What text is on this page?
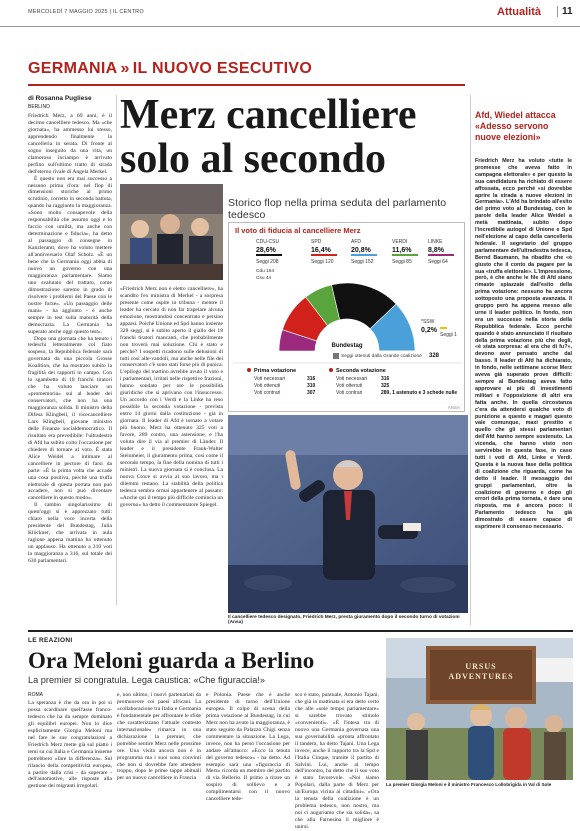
MERCOLEDÌ 7 MAGGIO 2025 | IL CENTRO	Attualità	11
GERMANIA » IL NUOVO ESECUTIVO
di Rosanna Pugliese
BERLINO

Friedrich Merz, a 69 anni, è il decimo cancelliere tedesco. Ma «che giornata», ha ammesso lui stesso, apprendendo finalmente la cancelleria in serata. Di fronte al sogno inseguito da una vita, un clamoroso inciampo è arrivato perfino sull'ultimo tratto di strada dell'eterno rivale di Angela Merkel.

È questo non era mai successo a nessuno prima d'ora: nel flop di dimensioni storiche al primo scrutinio, corretto in seconda battuta, quando ha raggiunto la maggioranza. «Sono molto consapevole della responsabilità che assumo oggi e lo faccio con umiltà, ma anche con determinazione e fiducia», ha detto al passaggio di consegne in Kanzleramt, dove ha voluto mettere all'anniversario Olaf Scholz. «È un bene che la Germania oggi abbia di nuovo un governo con una maggioranza parlamentare. Siamo uno svalutato del trattato, come dimostrazione saremo in grado di risolvere i problemi del Paese con le nostre forze». «Un passaggio delle mani» - ha aggiunto - è anche sempre in test sulla maturità della democrazia. La Germania ha superato anche oggi questo test».

Dopo una giornata che ha tenuto i tedeschi letteralmente col fiato sospeso, la Repubblica federale sarà governata da una piccola Grosse Koalition, che ha mostrato subito la fragilità dei rapporti in campo. Con lo sgambetto di 18 franchi tiratori che ha voluto lanciare un «promemoria» sui al leader dei conservatori, che non ha una maggioranza solida. Il ministro della Difesa Klingbeil, il vicecancelliere Lars Klingbeil, giovane ministro delle Finanze socialdemocratico. Il risultato era prevedibile: l'ultradestra di Afd ha subito colto l'occasione per chiedere di tornare al voto. È stata Alice Weidel a intimare al cancelliere in pectore di farsi da parte: «È la prima volta che accade una cosa positiva, perché una truffa elettorale di questa portata non può accadere, non si può diventare cancelliere in questo modo».

Il cambio singolarissimo di quest'oggi si è apprezzato tutti: chiaro nella voce incerta della presidente del Bundestag, Julia Klöckner, che arrivata in aula ragione appena mattina ha ottenuto un applauso. Ha ottenuto a 310 voti la maggioranza a 316, sul totale dei 630 parlamentari.

Merz cancelliere
solo al secondo
Storico flop nella prima seduta del parlamento tedesco
Il voto di fiducia al cancelliere Merz
CDU-CSU
28,6%
Seggi 208
SPD
16,4%
Seggi 120
AFD
20,8%
Seggi 152
VERDI
11,6%
Seggi 85
LINKE
8,8%
Seggi 64
Cdu 164
Csu 44
*SSW
0,2%
Seggi 1
Bundestag
Seggi ottenuti dalla Grande coalizione 328
Prima votazione
Voti necessari	316
Voti ottenuti	310
Voti contrari	307
Seconda votazione
Voti necessari	316
Voti ottenuti	325
Voti contrari	289, 1 astenuto e 3 schede nulle
ANSA

«Friedrich Merz non è eletto cancelliere», ha scandito l'ex ministra di Merkel - a sorpresa presente come ospite in tribuna - mentre il leader ha cercato di non far trapelare alcuna emozione, mostrandosi concentrato e persino apparsi. Poiché Unione ed Spd hanno insieme 328 seggi, si è subito aperto il giallo dei 18 franchi tiratori mancanti, che probabilmente non troverà mai soluzione. Chi è stato e perché? I sospetti ricadono sulle delusioni di tutti così alle-vandoli, ma anche nelle file dei conservatori c'è sono stati forse più di punica. L'epilogo del mattino avrebbe avuto il voto e i parlamentari, irritati nelle rispettive frazioni, hanno sondato per ore le possibilità giuridiche che si aprivano con l'insuccesso. Un accordo con i Verdi e la Linke ha reso possibile la seconda votazione - prevista entro 14 giorni dalla costituzione - già in giornata. Il leader di Afd è tornato a votare più buono. Merz ha ottenuto 325 voti a favore, 289 contro, una astensione, e l'ha voluta dire il via al premier di Länder. Il leader e il presidente Frank-Walter Steinmeier, il giuramento prima, così come il secondo tempo, la fine della nomina di tutti i ministri. La nuova giornata si è conclusa. La nuova Croce si avvia al suo lavoro, ma i dilemmi restano. La stabilità della politica tedesca sembra ormai appartenere al passato: «Anche qui il tempo più difficile comincia un governo» ha detto il commentatore Spiegel.

Il cancelliere tedesco designato, Friedrich Merz, presta giuramento dopo il secondo turno di votazioni (Ansa)
Afd, Wiedel attacca «Adesso servono nuove elezioni»
Friedrich Merz ha voluto «tutte le promesse che aveva fatto in campagna elettorale» e per questo la sua candidatura ha richiato di essere affossata, ecco perché «si dovrebbe aprire la strada a nuove elezioni in Germania». L'Afd ha brindato all'esito del primo voto al Bundestag, con le parole della leader Alice Weidel a metà mattinata, subito dopo l'incredibile autogol di Unione e Spd nell'elezione al capo della cancelleria federale. Il segretario del gruppo parlamentare dell'ultradestra tedesca, Bernd Baumann, ha ribadito che «è giusto che il conto da pagare per la sua «truffa elettorale». L'impressione, però, è che anche le file di Afd siano rimaste spiazzate dall'esito della prima votazione: nessuno ha ancora sottoposto una proposta avanzata. Il gruppo però ha appena messo alle urne il leader politico. In fondo, non era un successo nella storia della Repubblica federale. Ecco perché quando è stato annunciato il risultato della prima votazione più che degli, «è stata sorpresa: al era che di fu?», devono aver pensato anche dal basso. Il leader di Afd ha dichiarato, in fondo, nelle settimane scorse Merz aveva già superato prove difficili: sempre al Bundestag aveva fatto approvare ai più di investimenti militari e l'opposizione di altri era fatta anche. In quella circostanza c'era da attendersi qualche voto di punizione a questo e magari questo vale comunque, maxi prestito e quello che gli stessi parlamentari dell'Afd hanno sempre sostenuto. La vicenda, che hanno visto non servirebbe in questa fase, in caso tutti i voti di Afd, Linke e Verdi. Questa è la nuova fase della politica di coalizione che riguarda, come ha detto il leader. Il messaggio dei gruppi parlamentari, oltre la coalizione di governo e dopo gli errori della prima tornata, è dare una risposta, ma è ancora poco: il Parlamento tedesco ha già dimostrato di essere capace di esprimere il consenso necessario.
LE REAZIONI
Ora Meloni guarda a Berlino
La premier si congratula. Lega caustica: «Che figuraccia!»
ROMA

La speranza è che da ora in poi si possa scardinare quell'asse franco-tedesco che ha da sempre dominato gli equilibri europei. Non lo dice esplicitamente Giorgia Meloni ma nel fare le sue congratulazioni a Friedrich Merz mette già sul piatto i temi su cui Italia e Germania insieme potrebbero «fare la differenza». Sul rilancio della competitività europea, a partire dalla crisi - da superare - dell'automotive, alle risposte alla gestione dei migranti irregolari.

e, non ultimo, i nuovi partenariati da promuovere coi paesi africani. La «collaborazione tra Italia e Germania è fondamentale per affrontare le sfide che caratterizzano l'attuale contesto internazionale» rimarca in una dichiarazione la premier, che potrebbe sentire Merz nelle prossime ore. Una visita ancora non è in programma ma i suoi sono convinti che non si dovrebbe fare attendere troppo, dopo le prime tappe abituali per un nuovo cancelliere in Francia

e Polonia. Paese che è anche presidente di turno dell'Unione europea. Il colpo di scena della prima votazione al Bundestag, in cui Merz non ha avuto la maggioranza, è stato seguito da Palazzo Chigi senza commentare la situazione. La Lega, invece, non ha perso l'occasione per andare all'attacco: «Ecco la tenuta del governo tedesco» - ha detto. Ad esempio sarà una «figuraccia di Merz» ricorda un membro del partito di via Bellerio. Il primo a tirare un sospiro di sollievo e a complimentarsi con il nuovo cancelliere tede-

sco è stato, puntuale, Antonio Tajani, che già in mattinata si era detto certo che alle «sole tempo parlamentare» si sarebbe trovato stimolo «convenienti». «È l'intesa tra di nuovo una Germania governata una sua governabilità «pronta affrontato il tandem, ha detto Tajani. Una Lega invece, anche il rapporto tra la Spd e l'Italia Cinque, tramite il partito di Salvini. Lui, anche al tempo dell'incontro, ha detto che il suo voto è stato favorevole. «Noi siamo Popolari, dalla parte di Merz per un'Europa vicina ai cittadini». «Ora la tenuta della coalizione è un problema tedesco, non nostro, ma noi ci auguriamo che sia solida», sa che alla Farnesina il migliore è unirsi.

URSUS ADVENTURES
La premier Giorgia Meloni e il ministro Francesco Lollobrigida in Val di Sole
